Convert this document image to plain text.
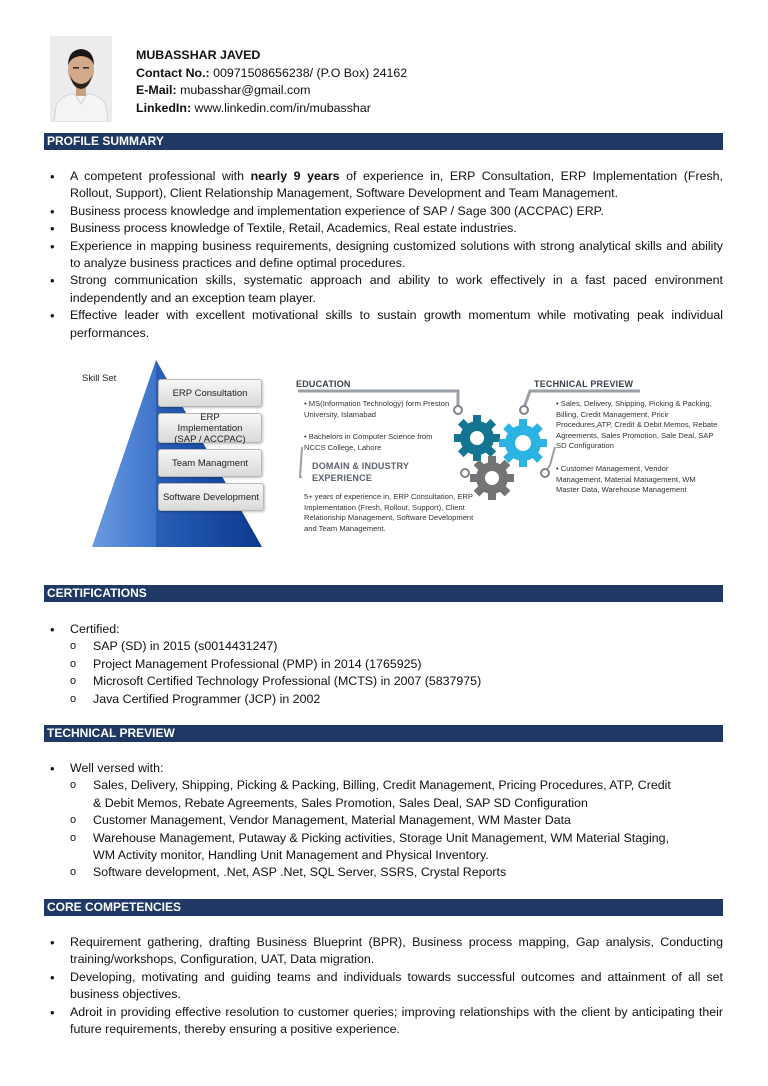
MUBASSHAR JAVED
Contact No.: 00971508656238/ (P.O Box) 24162
E-Mail: mubasshar@gmail.com
LinkedIn: www.linkedin.com/in/mubasshar
PROFILE SUMMARY
• A competent professional with nearly 9 years of experience in, ERP Consultation, ERP Implementation (Fresh, Rollout, Support), Client Relationship Management, Software Development and Team Management.
• Business process knowledge and implementation experience of SAP / Sage 300 (ACCPAC) ERP.
• Business process knowledge of Textile, Retail, Academics, Real estate industries.
• Experience in mapping business requirements, designing customized solutions with strong analytical skills and ability to analyze business practices and define optimal procedures.
• Strong communication skills, systematic approach and ability to work effectively in a fast paced environment independently and an exception team player.
• Effective leader with excellent motivational skills to sustain growth momentum while motivating peak individual performances.
Skill Set
ERP Consultation
ERP Implementation (SAP / ACCPAC)
Team Managment
Software Development
EDUCATION
• MS(Information Technology) form Preston University, Islamabad
• Bachelors in Computer Science from NCCS College, Lahore
DOMAIN & INDUSTRY EXPERIENCE
5+ years of experience in, ERP Consultation, ERP Implementation (Fresh, Rollout, Support), Client Relationship Management, Software Development and Team Management.
TECHNICAL PREVIEW
• Sales, Delivery, Shipping, Picking & Packing, Billing, Credit Management, Pricir Procedures,ATP, Credit & Debit Memos, Rebate Agreements, Sales Promotion, Sale Deal, SAP SD Configuration
• Customer Management, Vendor Management, Material Management, WM Master Data, Warehouse Management
CERTIFICATIONS
• Certified:
o SAP (SD) in 2015 (s0014431247)
o Project Management Professional (PMP) in 2014 (1765925)
o Microsoft Certified Technology Professional (MCTS) in 2007 (5837975)
o Java Certified Programmer (JCP) in 2002
TECHNICAL PREVIEW
• Well versed with:
o Sales, Delivery, Shipping, Picking & Packing, Billing, Credit Management, Pricing Procedures, ATP, Credit & Debit Memos, Rebate Agreements, Sales Promotion, Sales Deal, SAP SD Configuration
o Customer Management, Vendor Management, Material Management, WM Master Data
o Warehouse Management, Putaway & Picking activities, Storage Unit Management, WM Material Staging, WM Activity monitor, Handling Unit Management and Physical Inventory.
o Software development, .Net, ASP .Net, SQL Server, SSRS, Crystal Reports
CORE COMPETENCIES
• Requirement gathering, drafting Business Blueprint (BPR), Business process mapping, Gap analysis, Conducting training/workshops, Configuration, UAT, Data migration.
• Developing, motivating and guiding teams and individuals towards successful outcomes and attainment of all set business objectives.
• Adroit in providing effective resolution to customer queries; improving relationships with the client by anticipating their future requirements, thereby ensuring a positive experience.
